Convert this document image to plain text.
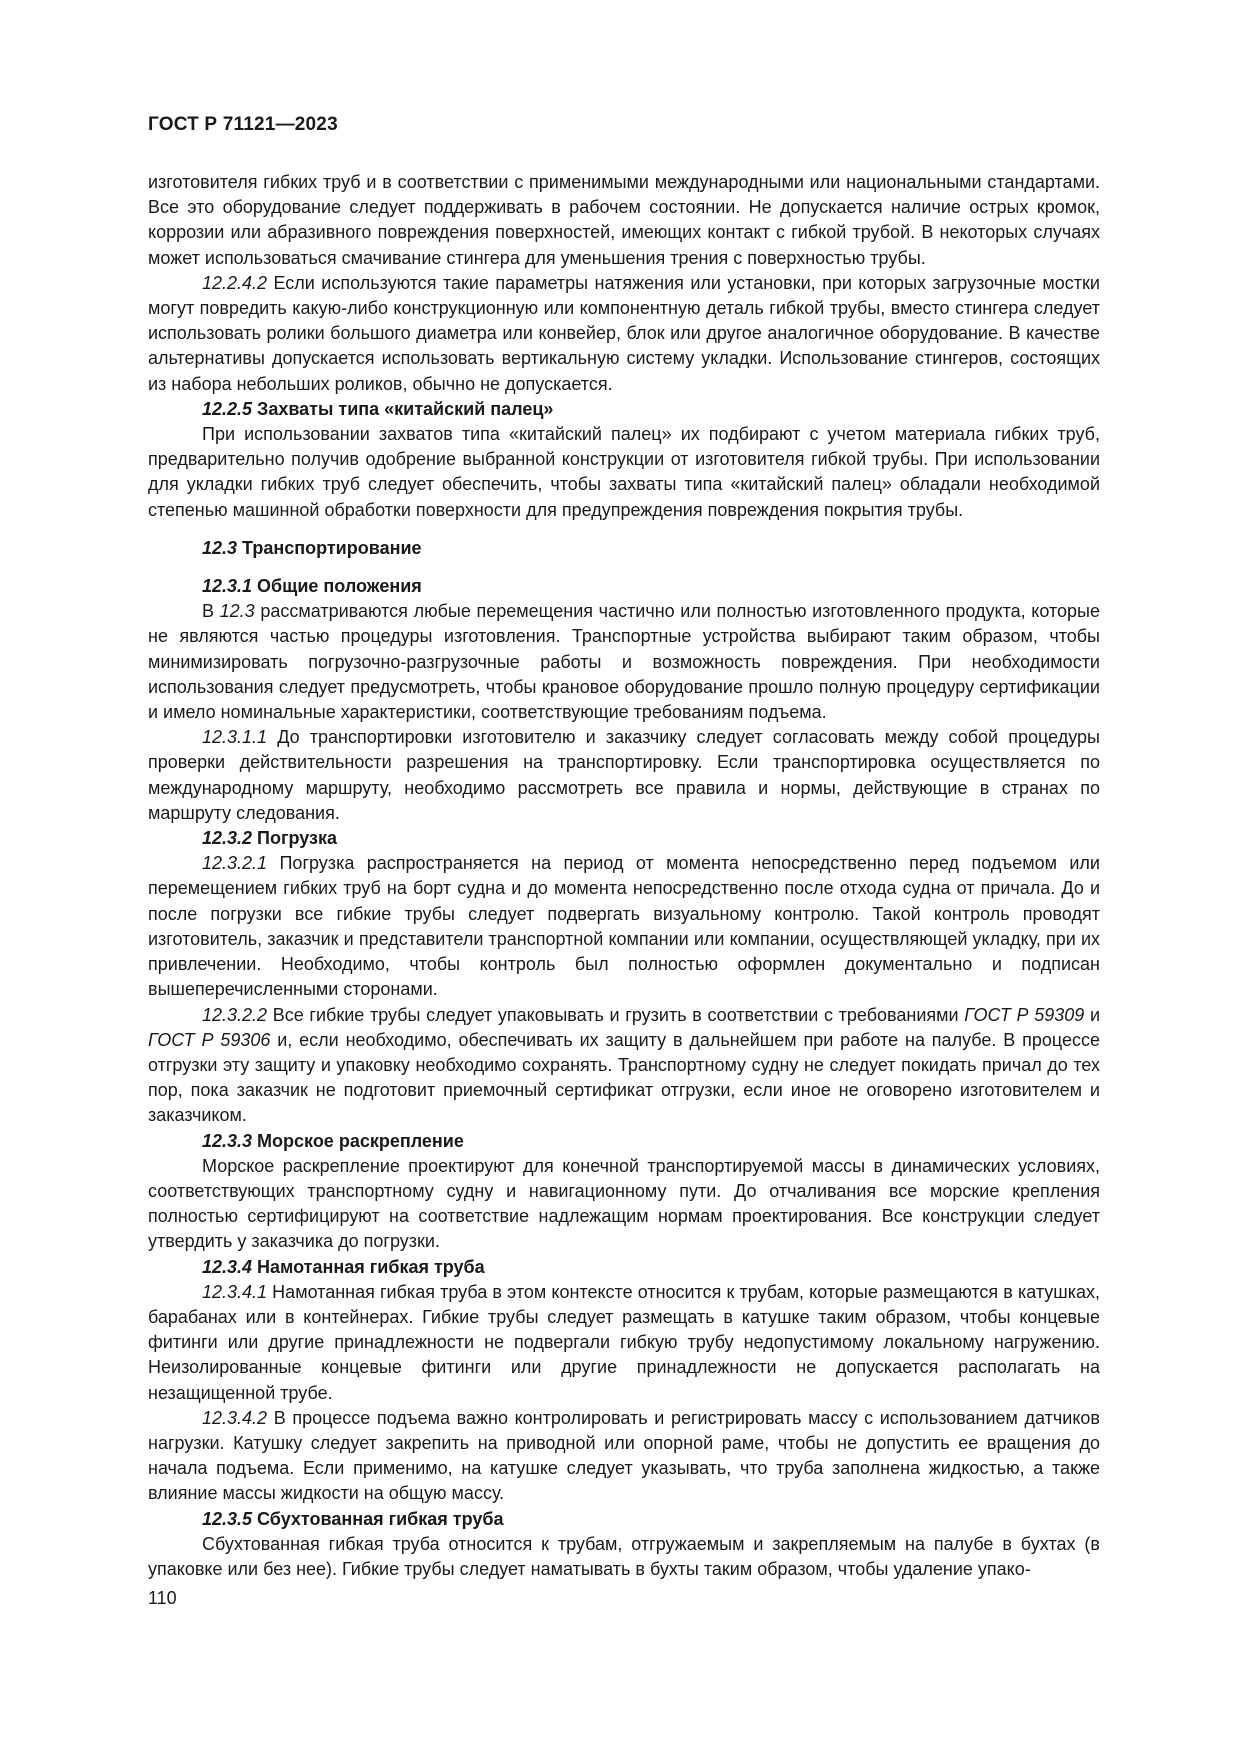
ГОСТ Р 71121—2023

изготовителя гибких труб и в соответствии с применимыми международными или национальными стандартами. Все это оборудование следует поддерживать в рабочем состоянии. Не допускается наличие острых кромок, коррозии или абразивного повреждения поверхностей, имеющих контакт с гибкой трубой. В некоторых случаях может использоваться смачивание стингера для уменьшения трения с поверхностью трубы.

12.2.4.2 Если используются такие параметры натяжения или установки, при которых загрузочные мостки могут повредить какую-либо конструкционную или компонентную деталь гибкой трубы, вместо стингера следует использовать ролики большого диаметра или конвейер, блок или другое аналогичное оборудование. В качестве альтернативы допускается использовать вертикальную систему укладки. Использование стингеров, состоящих из набора небольших роликов, обычно не допускается.

12.2.5 Захваты типа «китайский палец»

При использовании захватов типа «китайский палец» их подбирают с учетом материала гибких труб, предварительно получив одобрение выбранной конструкции от изготовителя гибкой трубы. При использовании для укладки гибких труб следует обеспечить, чтобы захваты типа «китайский палец» обладали необходимой степенью машинной обработки поверхности для предупреждения повреждения покрытия трубы.

12.3 Транспортирование

12.3.1 Общие положения

В 12.3 рассматриваются любые перемещения частично или полностью изготовленного продукта, которые не являются частью процедуры изготовления. Транспортные устройства выбирают таким образом, чтобы минимизировать погрузочно-разгрузочные работы и возможность повреждения. При необходимости использования следует предусмотреть, чтобы крановое оборудование прошло полную процедуру сертификации и имело номинальные характеристики, соответствующие требованиям подъема.

12.3.1.1 До транспортировки изготовителю и заказчику следует согласовать между собой процедуры проверки действительности разрешения на транспортировку. Если транспортировка осуществляется по международному маршруту, необходимо рассмотреть все правила и нормы, действующие в странах по маршруту следования.

12.3.2 Погрузка

12.3.2.1 Погрузка распространяется на период от момента непосредственно перед подъемом или перемещением гибких труб на борт судна и до момента непосредственно после отхода судна от причала. До и после погрузки все гибкие трубы следует подвергать визуальному контролю. Такой контроль проводят изготовитель, заказчик и представители транспортной компании или компании, осуществляющей укладку, при их привлечении. Необходимо, чтобы контроль был полностью оформлен документально и подписан вышеперечисленными сторонами.

12.3.2.2 Все гибкие трубы следует упаковывать и грузить в соответствии с требованиями ГОСТ Р 59309 и ГОСТ Р 59306 и, если необходимо, обеспечивать их защиту в дальнейшем при работе на палубе. В процессе отгрузки эту защиту и упаковку необходимо сохранять. Транспортному судну не следует покидать причал до тех пор, пока заказчик не подготовит приемочный сертификат отгрузки, если иное не оговорено изготовителем и заказчиком.

12.3.3 Морское раскрепление

Морское раскрепление проектируют для конечной транспортируемой массы в динамических условиях, соответствующих транспортному судну и навигационному пути. До отчаливания все морские крепления полностью сертифицируют на соответствие надлежащим нормам проектирования. Все конструкции следует утвердить у заказчика до погрузки.

12.3.4 Намотанная гибкая труба

12.3.4.1 Намотанная гибкая труба в этом контексте относится к трубам, которые размещаются в катушках, барабанах или в контейнерах. Гибкие трубы следует размещать в катушке таким образом, чтобы концевые фитинги или другие принадлежности не подвергали гибкую трубу недопустимому локальному нагружению. Неизолированные концевые фитинги или другие принадлежности не допускается располагать на незащищенной трубе.

12.3.4.2 В процессе подъема важно контролировать и регистрировать массу с использованием датчиков нагрузки. Катушку следует закрепить на приводной или опорной раме, чтобы не допустить ее вращения до начала подъема. Если применимо, на катушке следует указывать, что труба заполнена жидкостью, а также влияние массы жидкости на общую массу.

12.3.5 Сбухтованная гибкая труба

Сбухтованная гибкая труба относится к трубам, отгружаемым и закрепляемым на палубе в бухтах (в упаковке или без нее). Гибкие трубы следует наматывать в бухты таким образом, чтобы удаление упако-

110
